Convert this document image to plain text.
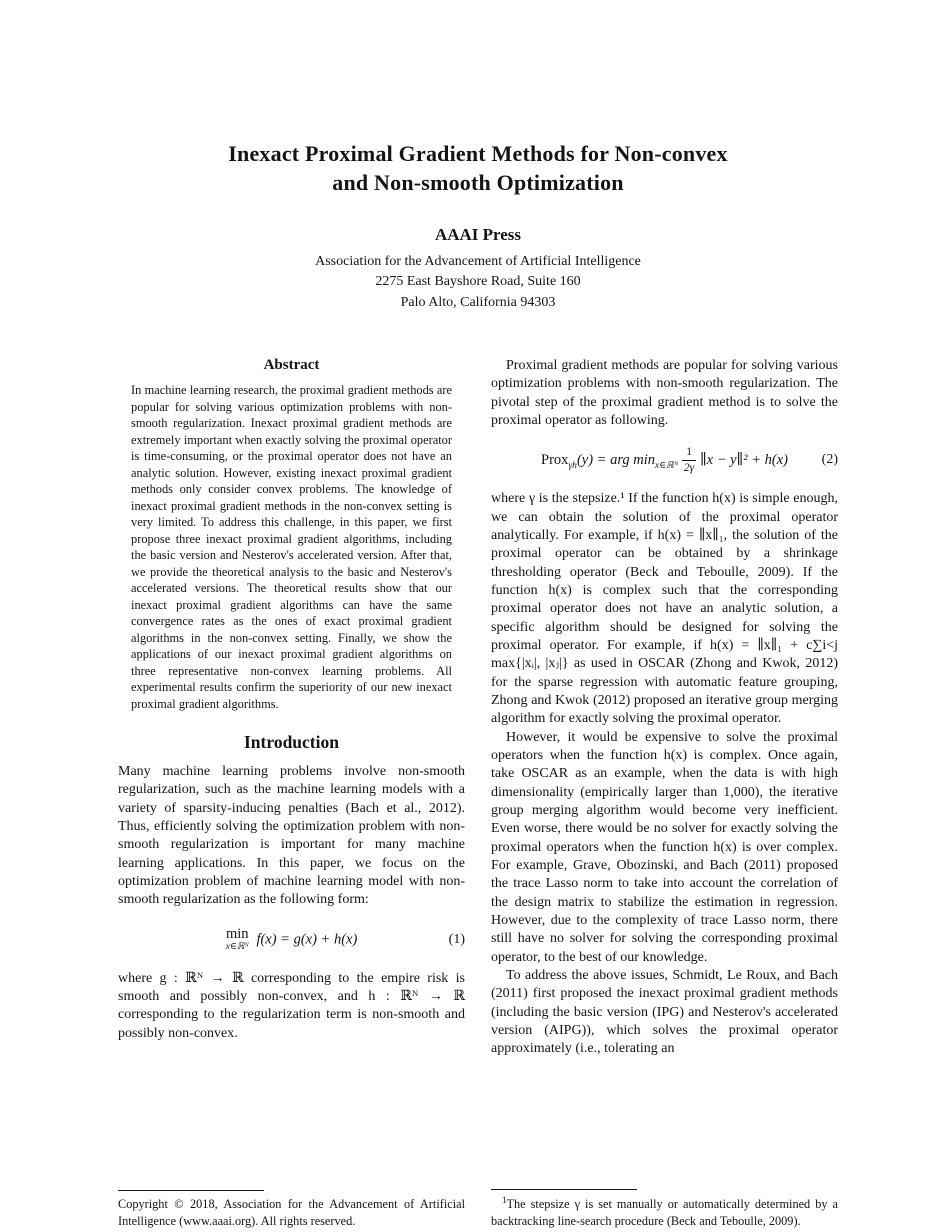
Inexact Proximal Gradient Methods for Non-convex
and Non-smooth Optimization
AAAI Press
Association for the Advancement of Artificial Intelligence
2275 East Bayshore Road, Suite 160
Palo Alto, California 94303
Abstract

In machine learning research, the proximal gradient methods are popular for solving various optimization problems with non-smooth regularization. Inexact proximal gradient methods are extremely important when exactly solving the proximal operator is time-consuming, or the proximal operator does not have an analytic solution. However, existing inexact proximal gradient methods only consider convex problems. The knowledge of inexact proximal gradient methods in the non-convex setting is very limited. To address this challenge, in this paper, we first propose three inexact proximal gradient algorithms, including the basic version and Nesterov's accelerated version. After that, we provide the theoretical analysis to the basic and Nesterov's accelerated versions. The theoretical results show that our inexact proximal gradient algorithms can have the same convergence rates as the ones of exact proximal gradient algorithms in the non-convex setting. Finally, we show the applications of our inexact proximal gradient algorithms on three representative non-convex learning problems. All experimental results confirm the superiority of our new inexact proximal gradient algorithms.

Introduction

Many machine learning problems involve non-smooth regularization, such as the machine learning models with a variety of sparsity-inducing penalties (Bach et al., 2012). Thus, efficiently solving the optimization problem with non-smooth regularization is important for many machine learning applications. In this paper, we focus on the optimization problem of machine learning model with non-smooth regularization as the following form:

min
x∈ℝᴺ
f(x) = g(x) + h(x)	(1)

where g : ℝᴺ → ℝ corresponding to the empire risk is smooth and possibly non-convex, and h : ℝᴺ → ℝ corresponding to the regularization term is non-smooth and possibly non-convex.

Copyright © 2018, Association for the Advancement of Artificial Intelligence (www.aaai.org). All rights reserved.

Proximal gradient methods are popular for solving various optimization problems with non-smooth regularization. The pivotal step of the proximal gradient method is to solve the proximal operator as following.

Prox$_{\gamma h}$(y) = arg $\min_{x\in ℝᴺ} \frac{1}{2\gamma}$ ∥x − y∥² + h(x)	(2)

where γ is the stepsize.¹ If the function h(x) is simple enough, we can obtain the solution of the proximal operator analytically. For example, if h(x) = ∥x∥₁, the solution of the proximal operator can be obtained by a shrinkage thresholding operator (Beck and Teboulle, 2009). If the function h(x) is complex such that the corresponding proximal operator does not have an analytic solution, a specific algorithm should be designed for solving the proximal operator. For example, if h(x) = ∥x∥₁ + c∑i<j max{|xᵢ|, |xⱼ|} as used in OSCAR (Zhong and Kwok, 2012) for the sparse regression with automatic feature grouping, Zhong and Kwok (2012) proposed an iterative group merging algorithm for exactly solving the proximal operator.

However, it would be expensive to solve the proximal operators when the function h(x) is complex. Once again, take OSCAR as an example, when the data is with high dimensionality (empirically larger than 1,000), the iterative group merging algorithm would become very inefficient. Even worse, there would be no solver for exactly solving the proximal operators when the function h(x) is over complex. For example, Grave, Obozinski, and Bach (2011) proposed the trace Lasso norm to take into account the correlation of the design matrix to stabilize the estimation in regression. However, due to the complexity of trace Lasso norm, there still have no solver for solving the corresponding proximal operator, to the best of our knowledge.

To address the above issues, Schmidt, Le Roux, and Bach (2011) first proposed the inexact proximal gradient methods (including the basic version (IPG) and Nesterov's accelerated version (AIPG)), which solves the proximal operator approximately (i.e., tolerating an

$^1$The stepsize γ is set manually or automatically determined by a backtracking line-search procedure (Beck and Teboulle, 2009).
